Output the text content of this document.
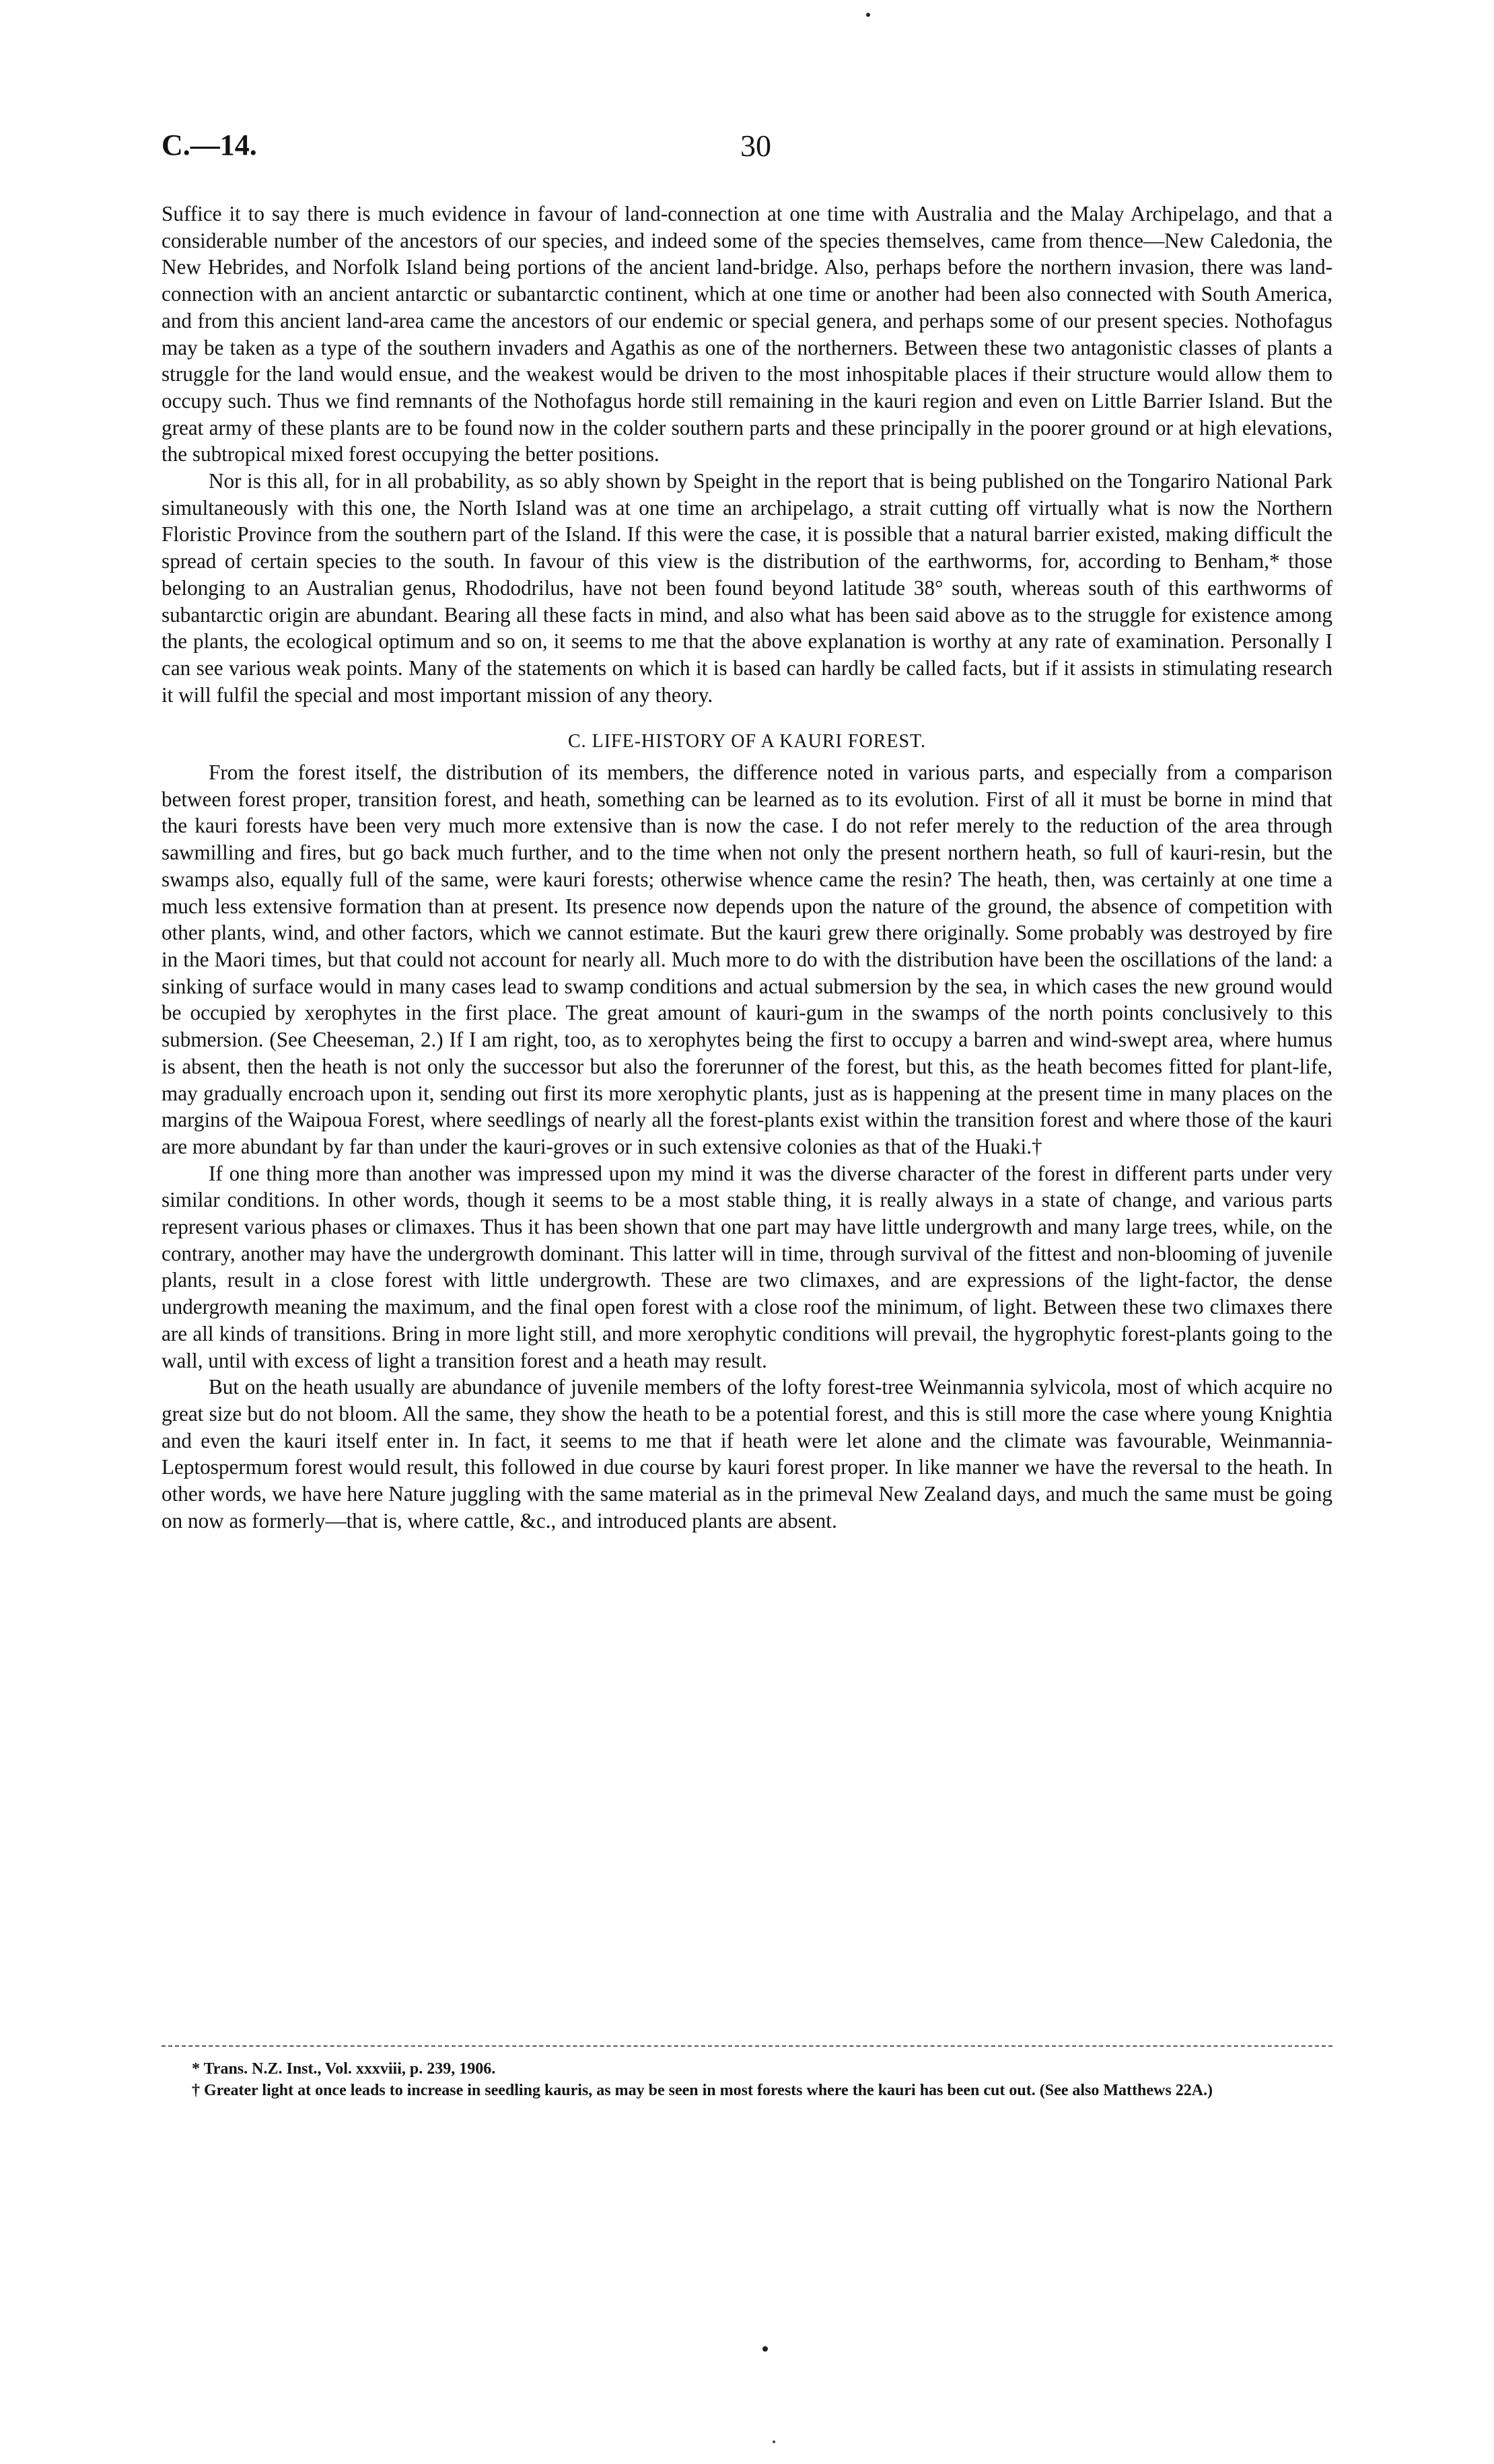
C.—14.	30

Suffice it to say there is much evidence in favour of land-connection at one time with Australia and the Malay Archipelago, and that a considerable number of the ancestors of our species, and indeed some of the species themselves, came from thence—New Caledonia, the New Hebrides, and Norfolk Island being portions of the ancient land-bridge. Also, perhaps before the northern invasion, there was land-connection with an ancient antarctic or subantarctic continent, which at one time or another had been also connected with South America, and from this ancient land-area came the ancestors of our endemic or special genera, and perhaps some of our present species. Nothofagus may be taken as a type of the southern invaders and Agathis as one of the northerners. Between these two antagonistic classes of plants a struggle for the land would ensue, and the weakest would be driven to the most inhospitable places if their structure would allow them to occupy such. Thus we find remnants of the Nothofagus horde still remaining in the kauri region and even on Little Barrier Island. But the great army of these plants are to be found now in the colder southern parts and these principally in the poorer ground or at high elevations, the subtropical mixed forest occupying the better positions.

Nor is this all, for in all probability, as so ably shown by Speight in the report that is being published on the Tongariro National Park simultaneously with this one, the North Island was at one time an archipelago, a strait cutting off virtually what is now the Northern Floristic Province from the southern part of the Island. If this were the case, it is possible that a natural barrier existed, making difficult the spread of certain species to the south. In favour of this view is the distribution of the earthworms, for, according to Benham,* those belonging to an Australian genus, Rhododrilus, have not been found beyond latitude 38° south, whereas south of this earthworms of subantarctic origin are abundant. Bearing all these facts in mind, and also what has been said above as to the struggle for existence among the plants, the ecological optimum and so on, it seems to me that the above explanation is worthy at any rate of examination. Personally I can see various weak points. Many of the statements on which it is based can hardly be called facts, but if it assists in stimulating research it will fulfil the special and most important mission of any theory.

C. LIFE-HISTORY OF A KAURI FOREST.

From the forest itself, the distribution of its members, the difference noted in various parts, and especially from a comparison between forest proper, transition forest, and heath, something can be learned as to its evolution. First of all it must be borne in mind that the kauri forests have been very much more extensive than is now the case. I do not refer merely to the reduction of the area through sawmilling and fires, but go back much further, and to the time when not only the present northern heath, so full of kauri-resin, but the swamps also, equally full of the same, were kauri forests; otherwise whence came the resin? The heath, then, was certainly at one time a much less extensive formation than at present. Its presence now depends upon the nature of the ground, the absence of competition with other plants, wind, and other factors, which we cannot estimate. But the kauri grew there originally. Some probably was destroyed by fire in the Maori times, but that could not account for nearly all. Much more to do with the distribution have been the oscillations of the land: a sinking of surface would in many cases lead to swamp conditions and actual submersion by the sea, in which cases the new ground would be occupied by xerophytes in the first place. The great amount of kauri-gum in the swamps of the north points conclusively to this submersion. (See Cheeseman, 2.) If I am right, too, as to xerophytes being the first to occupy a barren and wind-swept area, where humus is absent, then the heath is not only the successor but also the forerunner of the forest, but this, as the heath becomes fitted for plant-life, may gradually encroach upon it, sending out first its more xerophytic plants, just as is happening at the present time in many places on the margins of the Waipoua Forest, where seedlings of nearly all the forest-plants exist within the transition forest and where those of the kauri are more abundant by far than under the kauri-groves or in such extensive colonies as that of the Huaki.†

If one thing more than another was impressed upon my mind it was the diverse character of the forest in different parts under very similar conditions. In other words, though it seems to be a most stable thing, it is really always in a state of change, and various parts represent various phases or climaxes. Thus it has been shown that one part may have little undergrowth and many large trees, while, on the contrary, another may have the undergrowth dominant. This latter will in time, through survival of the fittest and non-blooming of juvenile plants, result in a close forest with little undergrowth. These are two climaxes, and are expressions of the light-factor, the dense undergrowth meaning the maximum, and the final open forest with a close roof the minimum, of light. Between these two climaxes there are all kinds of transitions. Bring in more light still, and more xerophytic conditions will prevail, the hygrophytic forest-plants going to the wall, until with excess of light a transition forest and a heath may result.

But on the heath usually are abundance of juvenile members of the lofty forest-tree Weinmannia sylvicola, most of which acquire no great size but do not bloom. All the same, they show the heath to be a potential forest, and this is still more the case where young Knightia and even the kauri itself enter in. In fact, it seems to me that if heath were let alone and the climate was favourable, Weinmannia-Leptospermum forest would result, this followed in due course by kauri forest proper. In like manner we have the reversal to the heath. In other words, we have here Nature juggling with the same material as in the primeval New Zealand days, and much the same must be going on now as formerly—that is, where cattle, &c., and introduced plants are absent.

* Trans. N.Z. Inst., Vol. xxxviii, p. 239, 1906.

† Greater light at once leads to increase in seedling kauris, as may be seen in most forests where the kauri has been cut out. (See also Matthews 22A.)
